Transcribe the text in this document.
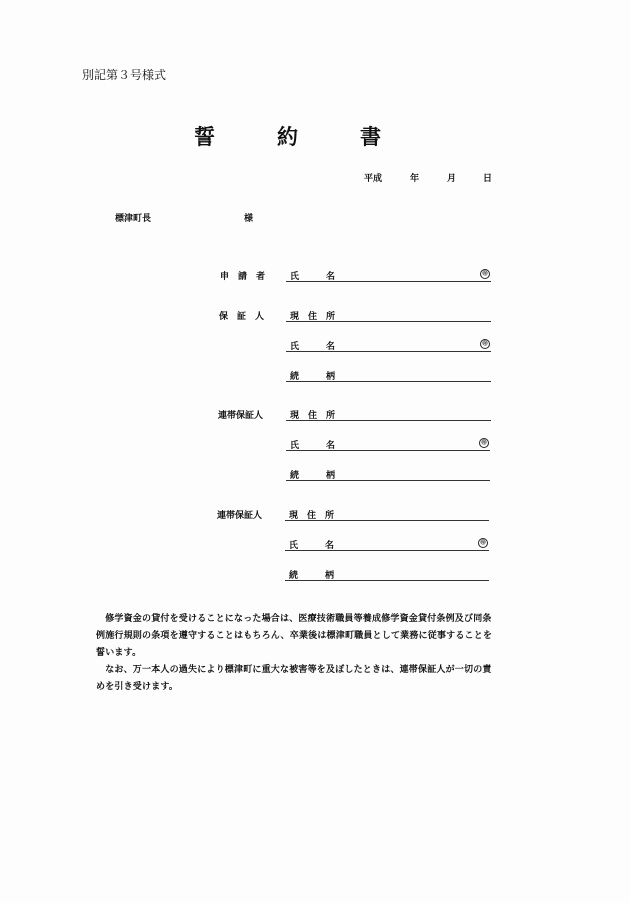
別記第３号様式
誓	約	書
平成	年	月	日
標津町長	様
申　請　者	氏　　　名	㊞
保　証　人	現　住　所
氏　　　名	㊞
続　　　柄
連帯保証人	現　住　所
氏　　　名	㊞
続　　　柄
連帯保証人	現　住　所
氏　　　名	㊞
続　　　柄

　修学資金の貸付を受けることになった場合は、医療技術職員等養成修学資金貸付条例及び同条例施行規則の条項を遵守することはもちろん、卒業後は標津町職員として業務に従事することを誓います。

　なお、万一本人の過失により標津町に重大な被害等を及ぼしたときは、連帯保証人が一切の責めを引き受けます。
